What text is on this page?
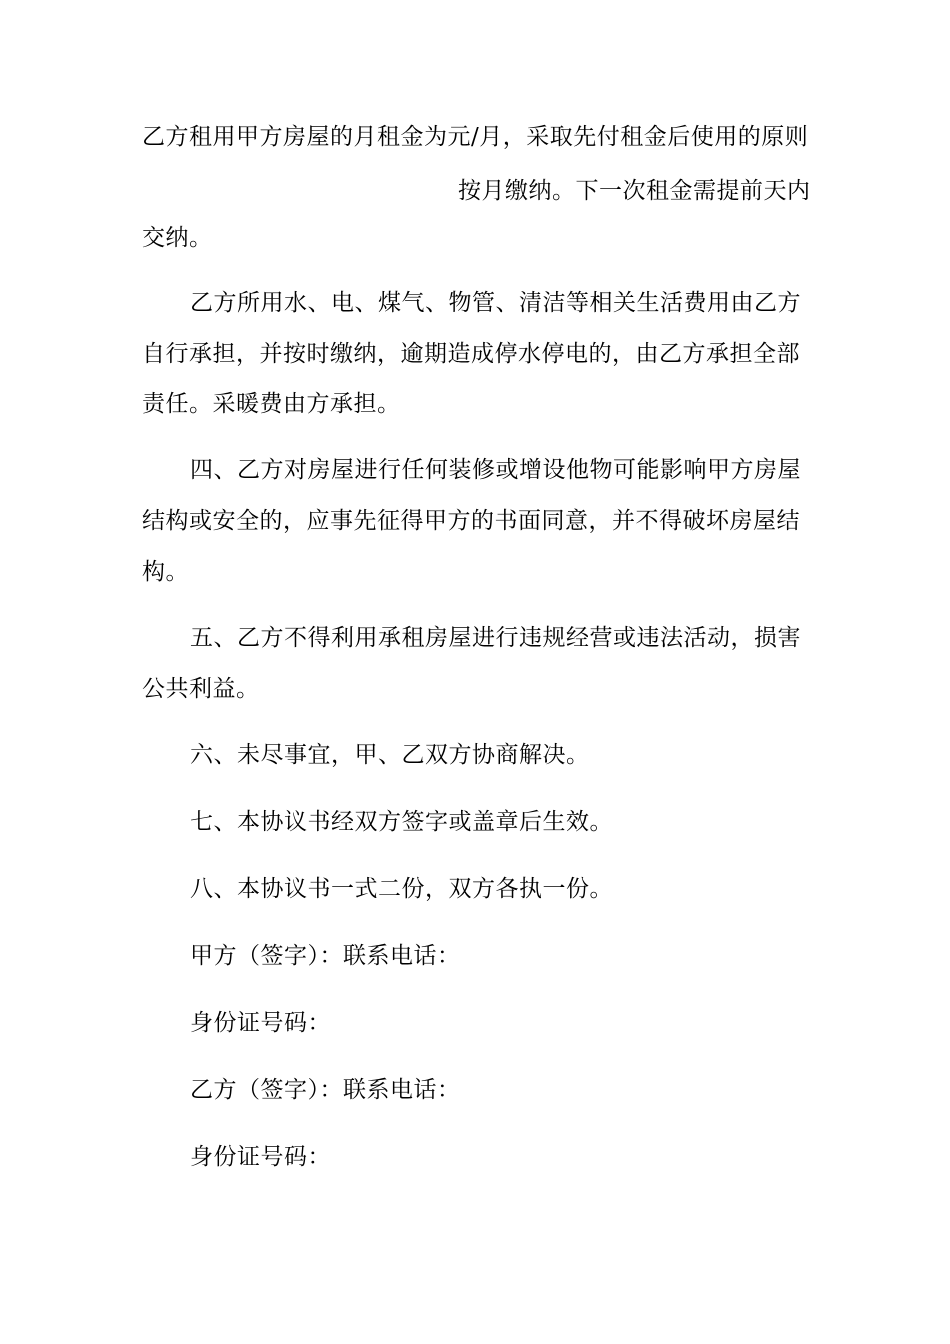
乙方租用甲方房屋的月租金为元/月，采取先付租金后使用的原则
按月缴纳。下一次租金需提前天内
交纳。
乙方所用水、电、煤气、物管、清洁等相关生活费用由乙方
自行承担，并按时缴纳，逾期造成停水停电的，由乙方承担全部
责任。采暖费由方承担。
四、乙方对房屋进行任何装修或增设他物可能影响甲方房屋
结构或安全的，应事先征得甲方的书面同意，并不得破坏房屋结
构。
五、乙方不得利用承租房屋进行违规经营或违法活动，损害
公共利益。
六、未尽事宜，甲、乙双方协商解决。
七、本协议书经双方签字或盖章后生效。
八、本协议书一式二份，双方各执一份。
甲方（签字）：联系电话：
身份证号码：
乙方（签字）：联系电话：
身份证号码：
